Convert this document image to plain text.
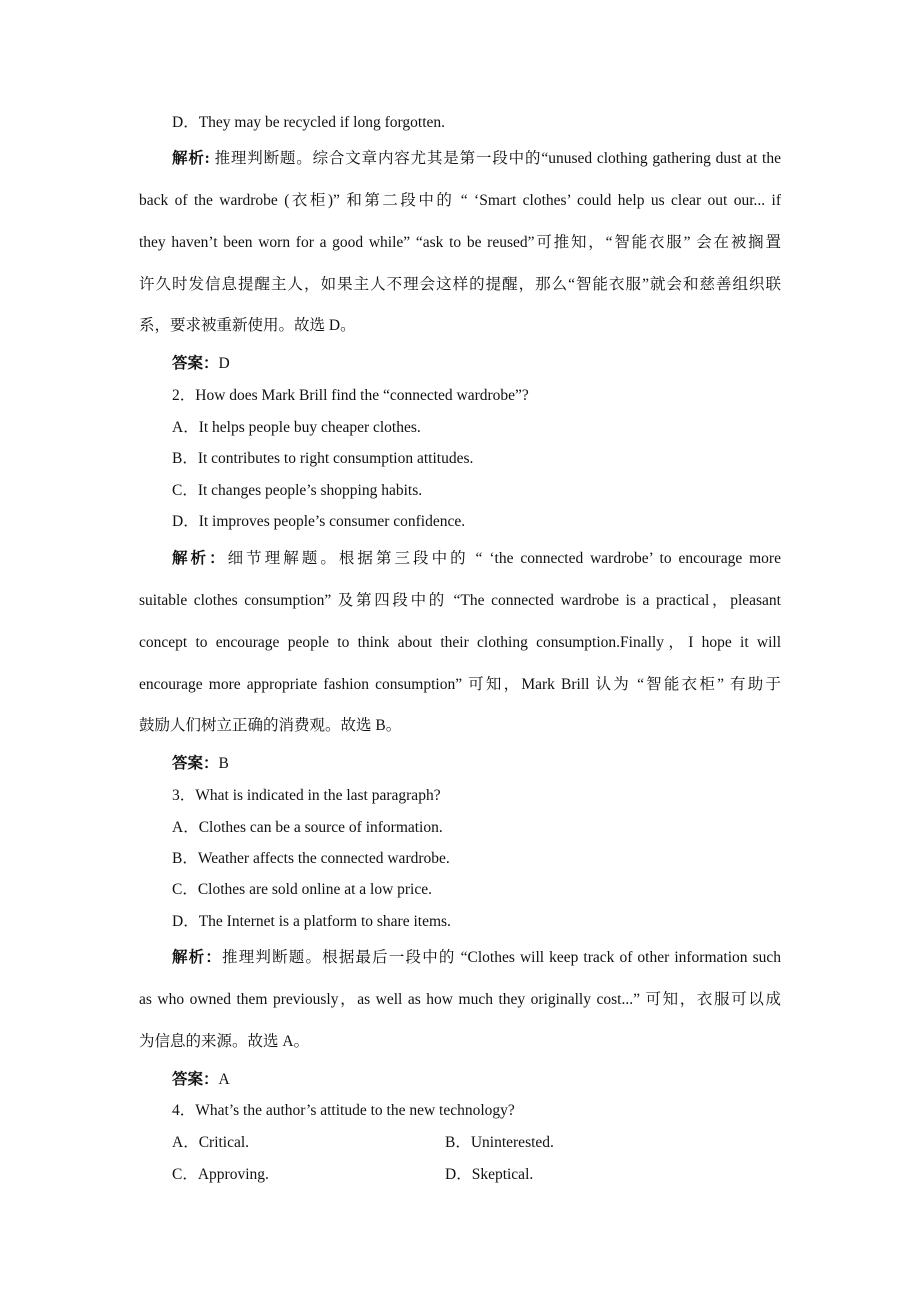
D．They may be recycled if long forgotten.
解析: 推理判断题。综合文章内容尤其是第一段中的“unused clothing gathering dust at the
back of the wardrobe (衣柜)” 和第二段中的 “ ‘Smart clothes’ could help us clear out our... if
they haven’t been worn for a good while” “ask to be reused”可推知，“智能衣服” 会在被搁置
许久时发信息提醒主人，如果主人不理会这样的提醒，那么“智能衣服”就会和慈善组织联
系，要求被重新使用。故选 D。
答案：D
2．How does Mark Brill find the “connected wardrobe”?
A．It helps people buy cheaper clothes.
B．It contributes to right consumption attitudes.
C．It changes people’s shopping habits.
D．It improves people’s consumer confidence.
解析：细节理解题。根据第三段中的 “ ‘the connected wardrobe’ to encourage more
suitable clothes consumption” 及第四段中的 “The connected wardrobe is a practical，pleasant
concept to encourage people to think about their clothing consumption.Finally，I hope it will
encourage more appropriate fashion consumption” 可知，Mark Brill 认为 “智能衣柜” 有助于
鼓励人们树立正确的消费观。故选 B。
答案：B
3．What is indicated in the last paragraph?
A．Clothes can be a source of information.
B．Weather affects the connected wardrobe.
C．Clothes are sold online at a low price.
D．The Internet is a platform to share items.
解析：推理判断题。根据最后一段中的 “Clothes will keep track of other information such
as who owned them previously，as well as how much they originally cost...” 可知，衣服可以成
为信息的来源。故选 A。
答案：A
4．What’s the author’s attitude to the new technology?
A．Critical.	B．Uninterested.
C．Approving.	D．Skeptical.
